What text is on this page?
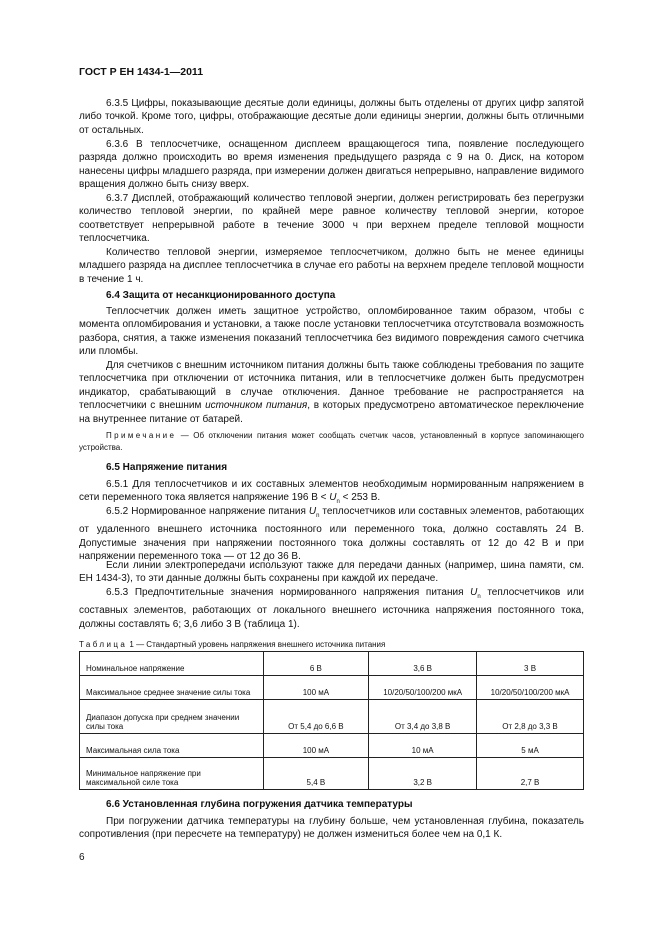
ГОСТ Р ЕН 1434-1—2011

6.3.5 Цифры, показывающие десятые доли единицы, должны быть отделены от других цифр запятой либо точкой. Кроме того, цифры, отображающие десятые доли единицы энергии, должны быть отличными от остальных.

6.3.6 В теплосчетчике, оснащенном дисплеем вращающегося типа, появление последующего разряда должно происходить во время изменения предыдущего разряда с 9 на 0. Диск, на котором нанесены цифры младшего разряда, при измерении должен двигаться непрерывно, направление видимого вращения должно быть снизу вверх.

6.3.7 Дисплей, отображающий количество тепловой энергии, должен регистрировать без перегрузки количество тепловой энергии, по крайней мере равное количеству тепловой энергии, которое соответствует непрерывной работе в течение 3000 ч при верхнем пределе тепловой мощности теплосчетчика.

Количество тепловой энергии, измеряемое теплосчетчиком, должно быть не менее единицы младшего разряда на дисплее теплосчетчика в случае его работы на верхнем пределе тепловой мощности в течение 1 ч.

6.4 Защита от несанкционированного доступа

Теплосчетчик должен иметь защитное устройство, опломбированное таким образом, чтобы с момента опломбирования и установки, а также после установки теплосчетчика отсутствовала возможность разбора, снятия, а также изменения показаний теплосчетчика без видимого повреждения самого счетчика или пломбы.

Для счетчиков с внешним источником питания должны быть также соблюдены требования по защите теплосчетчика при отключении от источника питания, или в теплосчетчике должен быть предусмотрен индикатор, срабатывающий в случае отключения. Данное требование не распространяется на теплосчетчики с внешним источником питания, в которых предусмотрено автоматическое переключение на внутреннее питание от батарей.

Примечание — Об отключении питания может сообщать счетчик часов, установленный в корпусе запоминающего устройства.

6.5 Напряжение питания

6.5.1 Для теплосчетчиков и их составных элементов необходимым нормированным напряжением в сети переменного тока является напряжение 196 $В < U_n < 253$ В.

6.5.2 Нормированное напряжение питания $U_n$ теплосчетчиков или составных элементов, работающих от удаленного внешнего источника постоянного или переменного тока, должно составлять 24 В. Допустимые значения при напряжении постоянного тока должны составлять от 12 до 42 В и при напряжении переменного тока — от 12 до 36 В.

Если линии электропередачи используют также для передачи данных (например, шина памяти, см. ЕН 1434-3), то эти данные должны быть сохранены при каждой их передаче.

6.5.3 Предпочтительные значения нормированного напряжения питания $U_n$ теплосчетчиков или составных элементов, работающих от локального внешнего источника напряжения постоянного тока, должны составлять 6; 3,6 либо 3 В (таблица 1).

Таблица 1 — Стандартный уровень напряжения внешнего источника питания
Номинальное напряжение	6 В	3,6 В	3 В
Максимальное среднее значение силы тока	100 мА	10/20/50/100/200 мкА	10/20/50/100/200 мкА
Диапазон допуска при среднем значении силы тока	От 5,4 до 6,6 В	От 3,4 до 3,8 В	От 2,8 до 3,3 В
Максимальная сила тока	100 мА	10 мА	5 мА
Минимальное напряжение при максимальной силе тока	5,4 В	3,2 В	2,7 В
6.6 Установленная глубина погружения датчика температуры

При погружении датчика температуры на глубину больше, чем установленная глубина, показатель сопротивления (при пересчете на температуру) не должен измениться более чем на 0,1 К.

6
